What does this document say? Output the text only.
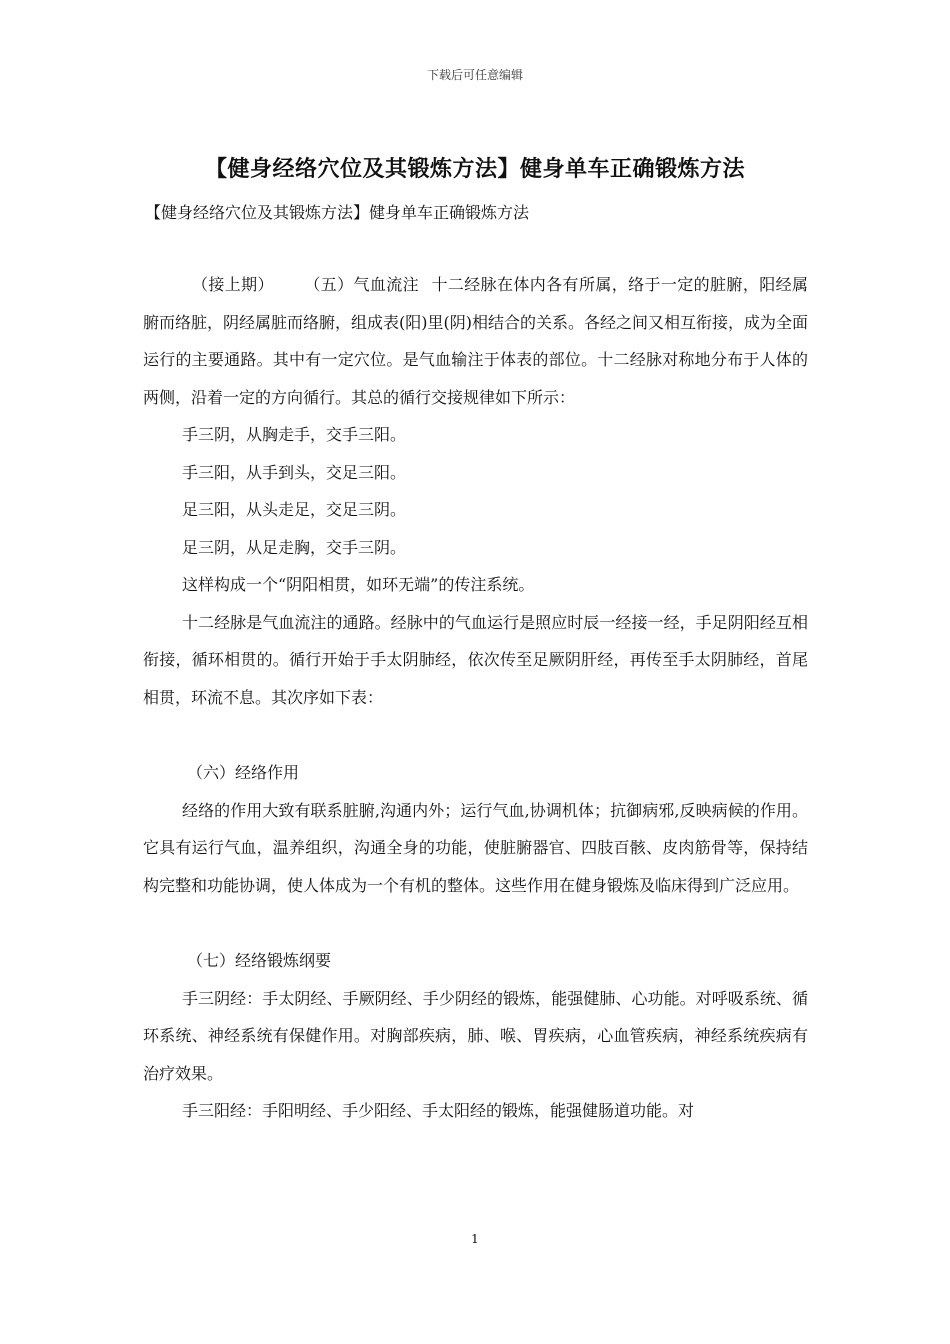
下载后可任意编辑
【健身经络穴位及其锻炼方法】健身单车正确锻炼方法
【健身经络穴位及其锻炼方法】健身单车正确锻炼方法

（接上期） （五）气血流注 十二经脉在体内各有所属，络于一定的脏腑，阳经属腑而络脏，阴经属脏而络腑，组成表(阳)里(阴)相结合的关系。各经之间又相互衔接，成为全面运行的主要通路。其中有一定穴位。是气血输注于体表的部位。十二经脉对称地分布于人体的两侧，沿着一定的方向循行。其总的循行交接规律如下所示：

手三阴，从胸走手，交手三阳。

手三阳，从手到头，交足三阳。

足三阳，从头走足，交足三阴。

足三阴，从足走胸，交手三阴。

这样构成一个“阴阳相贯，如环无端”的传注系统。

十二经脉是气血流注的通路。经脉中的气血运行是照应时辰一经接一经，手足阴阳经互相衔接，循环相贯的。循行开始于手太阴肺经，依次传至足厥阴肝经，再传至手太阴肺经，首尾相贯，环流不息。其次序如下表：

（六）经络作用

经络的作用大致有联系脏腑,沟通内外；运行气血,协调机体；抗御病邪,反映病候的作用。它具有运行气血，温养组织，沟通全身的功能，使脏腑器官、四肢百骸、皮肉筋骨等，保持结构完整和功能协调，使人体成为一个有机的整体。这些作用在健身锻炼及临床得到广泛应用。

（七）经络锻炼纲要

手三阴经：手太阴经、手厥阴经、手少阴经的锻炼，能强健肺、心功能。对呼吸系统、循环系统、神经系统有保健作用。对胸部疾病，肺、喉、胃疾病，心血管疾病，神经系统疾病有治疗效果。

手三阳经：手阳明经、手少阳经、手太阳经的锻炼，能强健肠道功能。对

1
